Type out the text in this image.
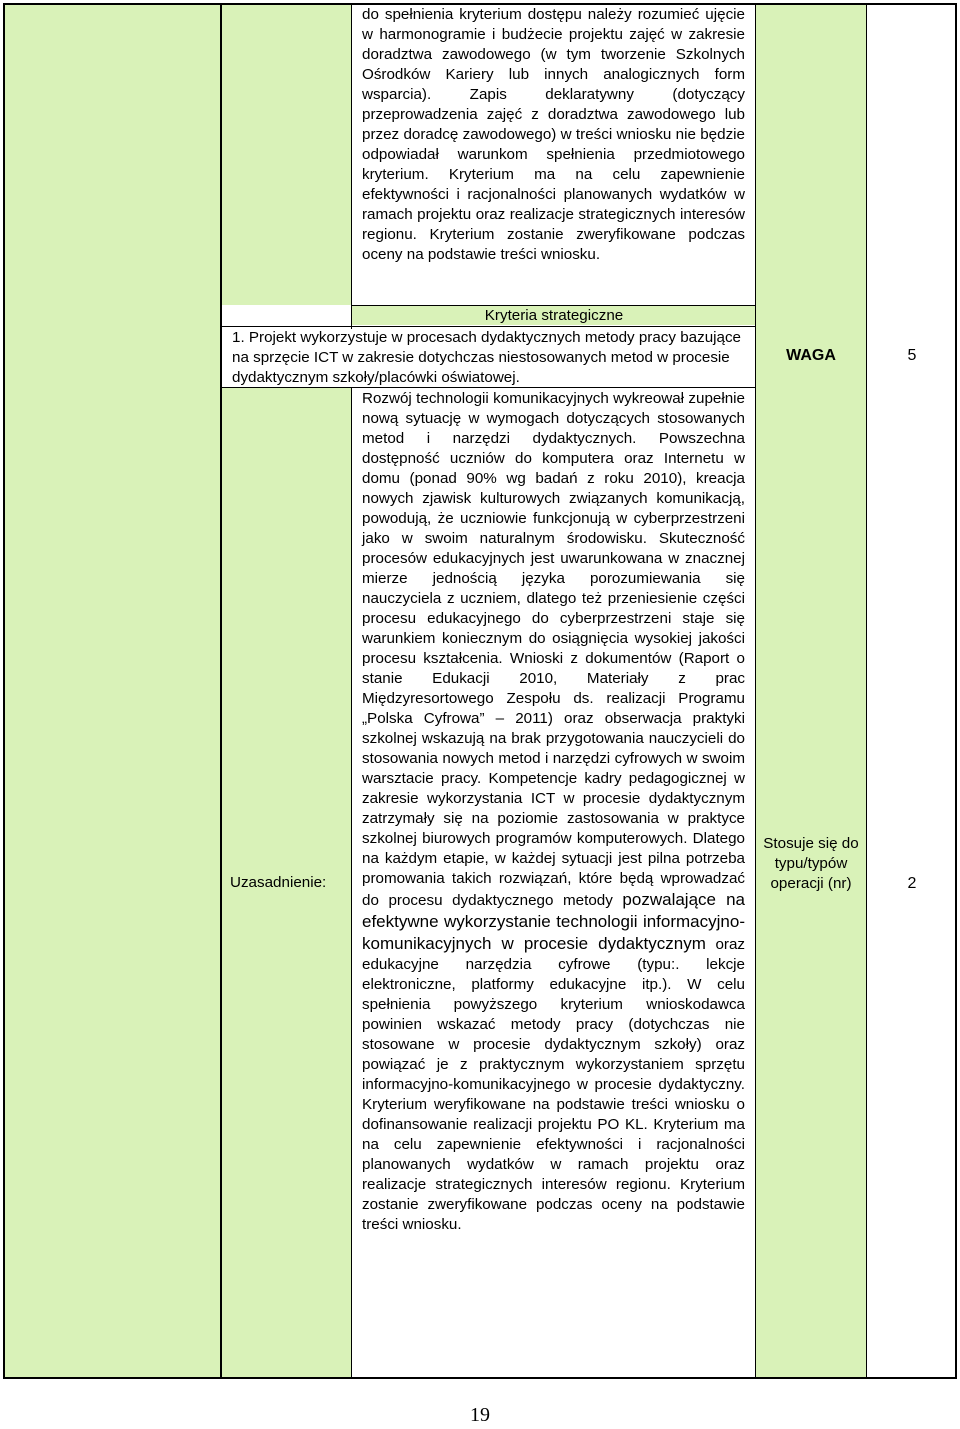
do spełnienia kryterium dostępu należy rozumieć ujęcie w harmonogramie i budżecie projektu zajęć w zakresie doradztwa zawodowego (w tym tworzenie Szkolnych Ośrodków Kariery lub innych analogicznych form wsparcia). Zapis deklaratywny (dotyczący przeprowadzenia zajęć z doradztwa zawodowego lub przez doradcę zawodowego) w treści wniosku nie będzie odpowiadał warunkom spełnienia przedmiotowego kryterium. Kryterium ma na celu zapewnienie efektywności i racjonalności planowanych wydatków w ramach projektu oraz realizacje strategicznych interesów regionu. Kryterium zostanie zweryfikowane podczas oceny na podstawie treści wniosku.

Kryteria strategiczne

1. Projekt wykorzystuje w procesach dydaktycznych metody pracy bazujące na sprzęcie ICT w zakresie dotychczas niestosowanych metod w procesie dydaktycznym szkoły/placówki oświatowej.

WAGA	5
Uzasadnienie:

Rozwój technologii komunikacyjnych wykreował zupełnie nową sytuację w wymogach dotyczących stosowanych metod i narzędzi dydaktycznych. Powszechna dostępność uczniów do komputera oraz Internetu w domu (ponad 90% wg badań z roku 2010), kreacja nowych zjawisk kulturowych związanych komunikacją, powodują, że uczniowie funkcjonują w cyberprzestrzeni jako w swoim naturalnym środowisku. Skuteczność procesów edukacyjnych jest uwarunkowana w znacznej mierze jednością języka porozumiewania się nauczyciela z uczniem, dlatego też przeniesienie części procesu edukacyjnego do cyberprzestrzeni staje się warunkiem koniecznym do osiągnięcia wysokiej jakości procesu kształcenia. Wnioski z dokumentów (Raport o stanie Edukacji 2010, Materiały z prac Międzyresortowego Zespołu ds. realizacji Programu „Polska Cyfrowa” – 2011) oraz obserwacja praktyki szkolnej wskazują na brak przygotowania nauczycieli do stosowania nowych metod i narzędzi cyfrowych w swoim warsztacie pracy. Kompetencje kadry pedagogicznej w zakresie wykorzystania ICT w procesie dydaktycznym zatrzymały się na poziomie zastosowania w praktyce szkolnej biurowych programów komputerowych. Dlatego na każdym etapie, w każdej sytuacji jest pilna potrzeba promowania takich rozwiązań, które będą wprowadzać do procesu dydaktycznego metody pozwalające na efektywne wykorzystanie technologii informacyjno-komunikacyjnych w procesie dydaktycznym oraz edukacyjne narzędzia cyfrowe (typu:. lekcje elektroniczne, platformy edukacyjne itp.). W celu spełnienia powyższego kryterium wnioskodawca powinien wskazać metody pracy (dotychczas nie stosowane w procesie dydaktycznym szkoły) oraz powiązać je z praktycznym wykorzystaniem sprzętu informacyjno-komunikacyjnego w procesie dydaktyczny. Kryterium weryfikowane na podstawie treści wniosku o dofinansowanie realizacji projektu PO KL. Kryterium ma na celu zapewnienie efektywności i racjonalności planowanych wydatków w ramach projektu oraz realizacje strategicznych interesów regionu. Kryterium zostanie zweryfikowane podczas oceny na podstawie treści wniosku.

Stosuje się do typu/typów operacji (nr)	2
19
